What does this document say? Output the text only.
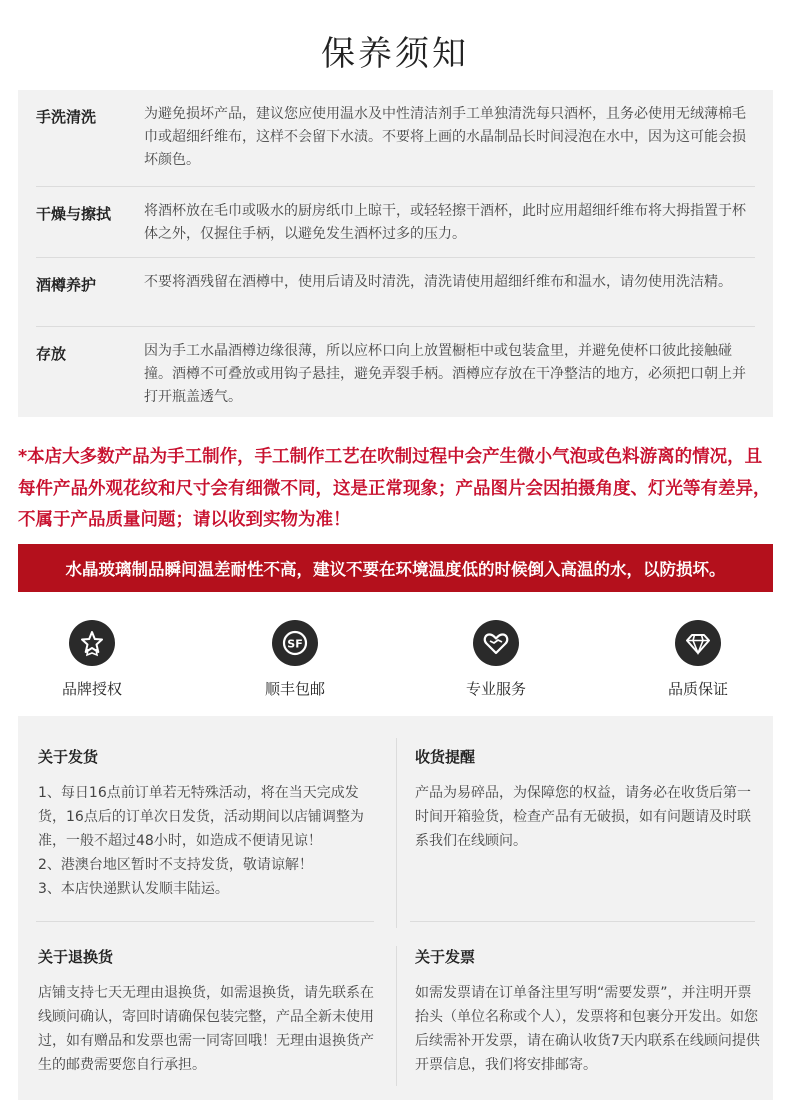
保养须知
手洗清洗	为避免损坏产品，建议您应使用温水及中性清洁剂手工单独清洗每只酒杯，且务必使用无绒薄棉毛巾或超细纤维布，这样不会留下水渍。不要将上画的水晶制品长时间浸泡在水中，因为这可能会损坏颜色。
干燥与擦拭	将酒杯放在毛巾或吸水的厨房纸巾上晾干，或轻轻擦干酒杯，此时应用超细纤维布将大拇指置于杯体之外，仅握住手柄，以避免发生酒杯过多的压力。
酒樽养护	不要将酒残留在酒樽中，使用后请及时清洗，清洗请使用超细纤维布和温水，请勿使用洗洁精。
存放	因为手工水晶酒樽边缘很薄，所以应杯口向上放置橱柜中或包装盒里，并避免使杯口彼此接触碰撞。酒樽不可叠放或用钩子悬挂，避免弄裂手柄。酒樽应存放在干净整洁的地方，必须把口朝上并打开瓶盖透气。
*本店大多数产品为手工制作，手工制作工艺在吹制过程中会产生微小气泡或色料游离的情况，且每件产品外观花纹和尺寸会有细微不同，这是正常现象；产品图片会因拍摄角度、灯光等有差异，不属于产品质量问题；请以收到实物为准！
水晶玻璃制品瞬间温差耐性不高，建议不要在环境温度低的时候倒入高温的水，以防损坏。
品牌授权
SF
顺丰包邮	专业服务	品质保证
关于发货

1、每日16点前订单若无特殊活动，将在当天完成发货，16点后的订单次日发货，活动期间以店铺调整为准，一般不超过48小时，如造成不便请见谅！
2、港澳台地区暂时不支持发货，敬请谅解！
3、本店快递默认发顺丰陆运。

收货提醒

产品为易碎品，为保障您的权益，请务必在收货后第一时间开箱验货，检查产品有无破损，如有问题请及时联系我们在线顾问。

关于退换货

店铺支持七天无理由退换货，如需退换货，请先联系在线顾问确认，寄回时请确保包装完整，产品全新未使用过，如有赠品和发票也需一同寄回哦！无理由退换货产生的邮费需要您自行承担。

关于发票

如需发票请在订单备注里写明“需要发票”，并注明开票抬头（单位名称或个人），发票将和包裹分开发出。如您后续需补开发票，请在确认收货7天内联系在线顾问提供开票信息，我们将安排邮寄。
